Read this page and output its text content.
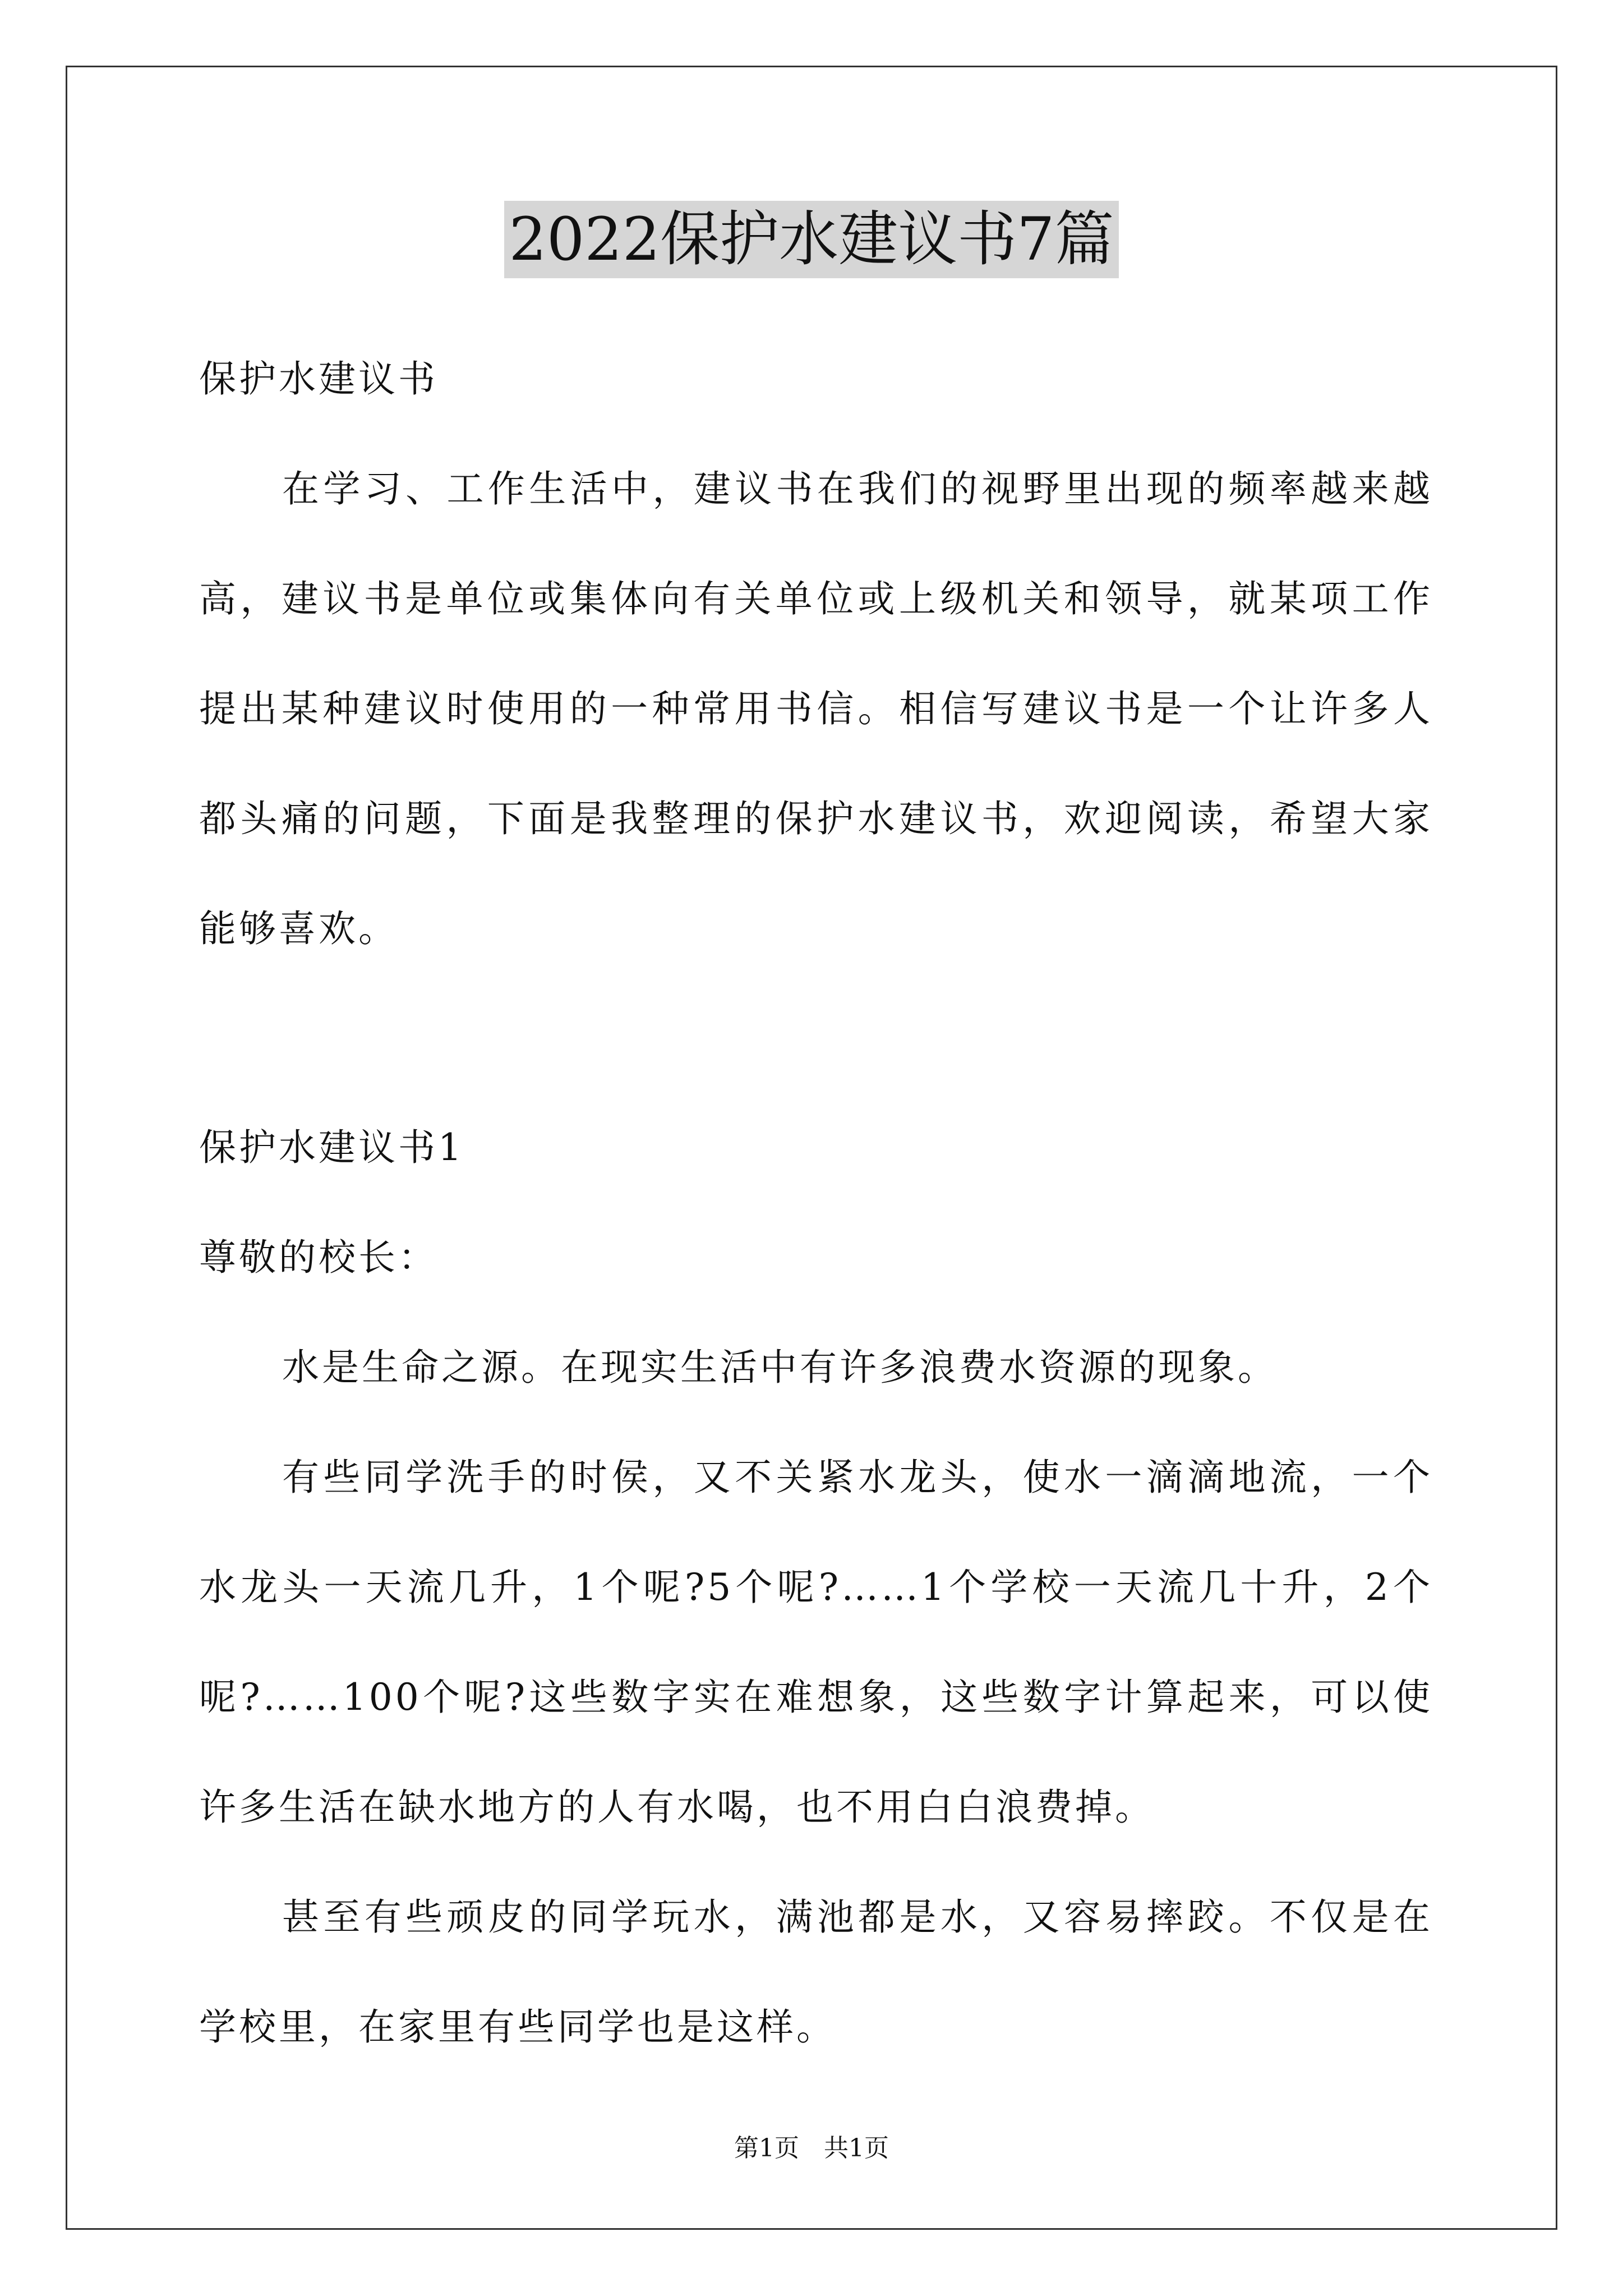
2022保护水建议书7篇

保护水建议书

在学习、工作生活中，建议书在我们的视野里出现的频率越来越高，建议书是单位或集体向有关单位或上级机关和领导，就某项工作提出某种建议时使用的一种常用书信。相信写建议书是一个让许多人都头痛的问题，下面是我整理的保护水建议书，欢迎阅读，希望大家能够喜欢。

保护水建议书1

尊敬的校长：

水是生命之源。在现实生活中有许多浪费水资源的现象。

有些同学洗手的时侯，又不关紧水龙头，使水一滴滴地流，一个水龙头一天流几升，1个呢?5个呢?……1个学校一天流几十升，2个呢?……100个呢?这些数字实在难想象，这些数字计算起来，可以使许多生活在缺水地方的人有水喝，也不用白白浪费掉。

甚至有些顽皮的同学玩水，满池都是水，又容易摔跤。不仅是在学校里，在家里有些同学也是这样。

第1页　共1页
